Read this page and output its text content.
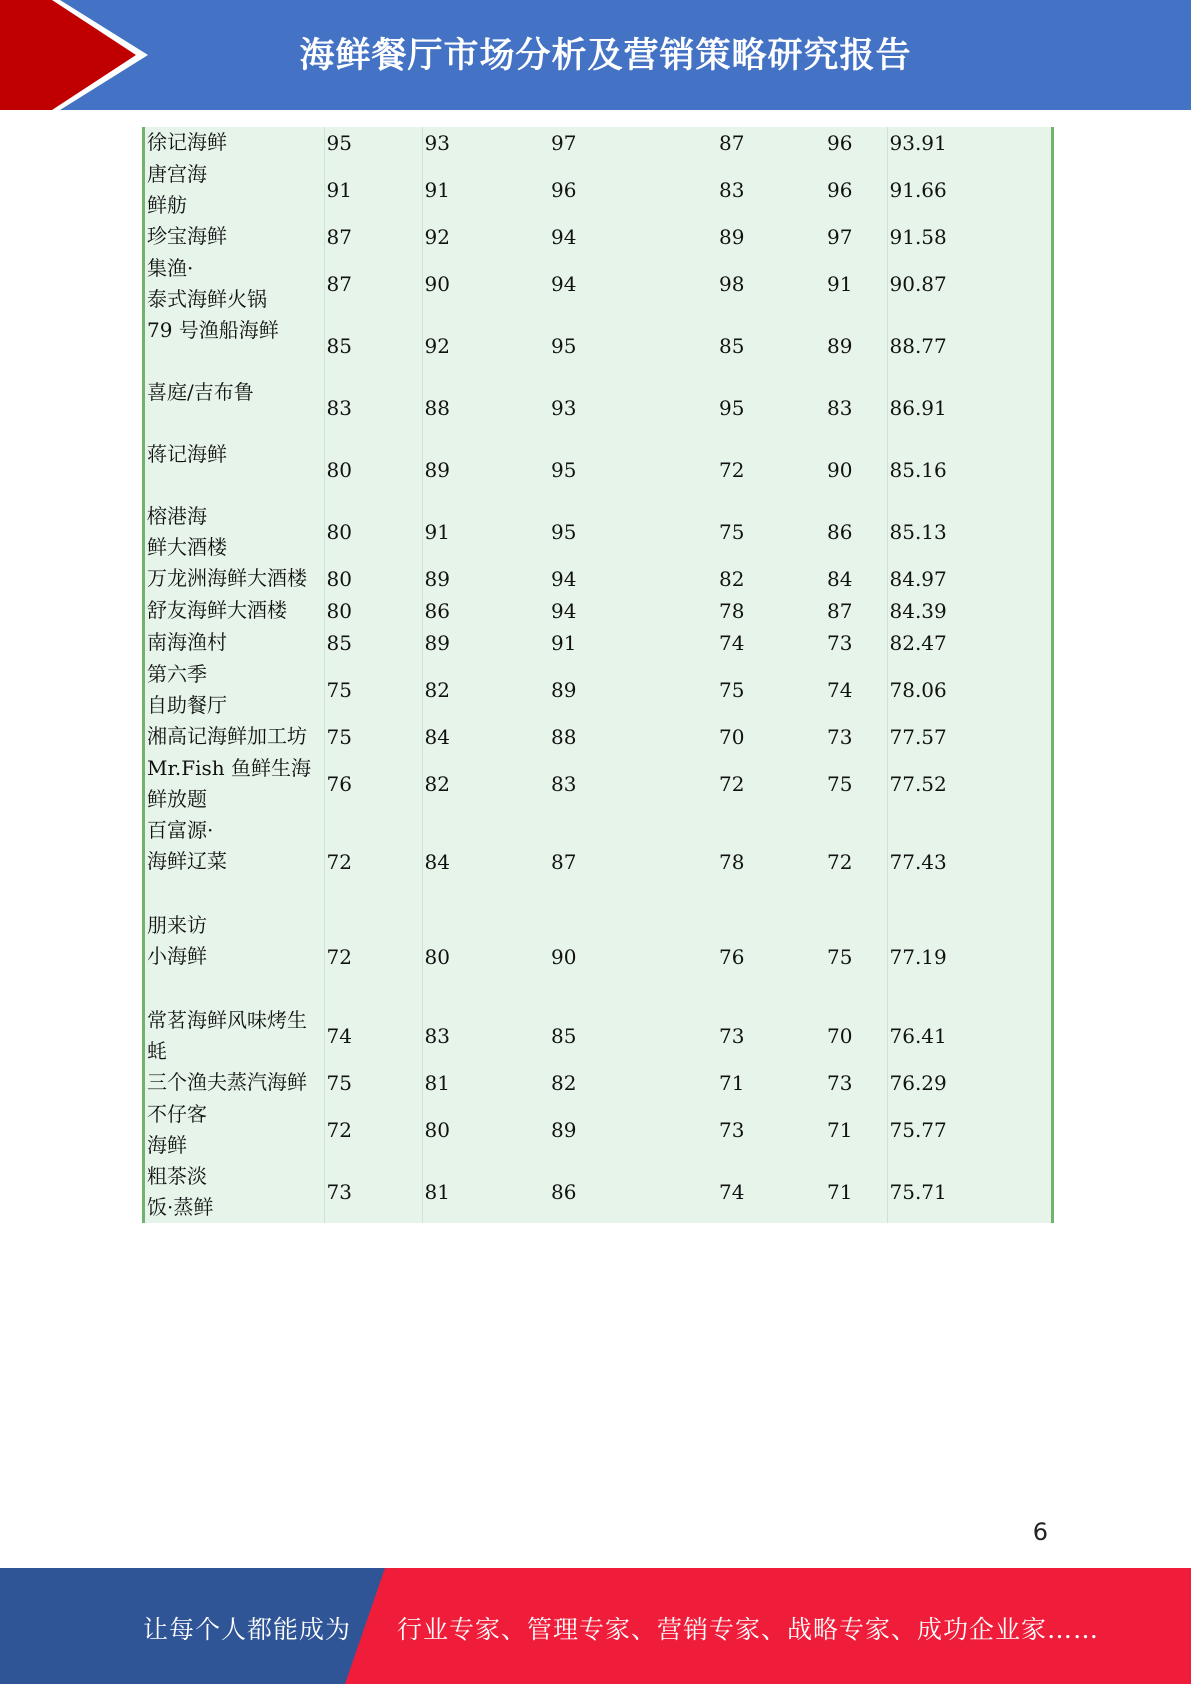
海鲜餐厅市场分析及营销策略研究报告
徐记海鲜	95	93	97	87	96	93.91
唐宫海
鲜舫	91	91	96	83	96	91.66
珍宝海鲜	87	92	94	89	97	91.58
集渔·
泰式海鲜火锅	87	90	94	98	91	90.87
79 号渔船海鲜	85	92	95	85	89	88.77
喜庭/吉布鲁	83	88	93	95	83	86.91
蒋记海鲜	80	89	95	72	90	85.16
榕港海
鲜大酒楼	80	91	95	75	86	85.13
万龙洲海鲜大酒楼	80	89	94	82	84	84.97
舒友海鲜大酒楼	80	86	94	78	87	84.39
南海渔村	85	89	91	74	73	82.47
第六季
自助餐厅	75	82	89	75	74	78.06
湘高记海鲜加工坊	75	84	88	70	73	77.57
Mr.Fish 鱼鲜生海
鲜放题	76	82	83	72	75	77.52
百富源·
海鲜辽菜	72	84	87	78	72	77.43
朋来访
小海鲜	72	80	90	76	75	77.19
常茗海鲜风味烤生
蚝	74	83	85	73	70	76.41
三个渔夫蒸汽海鲜	75	81	82	71	73	76.29
不仔客
海鲜	72	80	89	73	71	75.77
粗茶淡
饭·蒸鲜	73	81	86	74	71	75.71
6
让每个人都能成为 行业专家、管理专家、营销专家、战略专家、成功企业家……
